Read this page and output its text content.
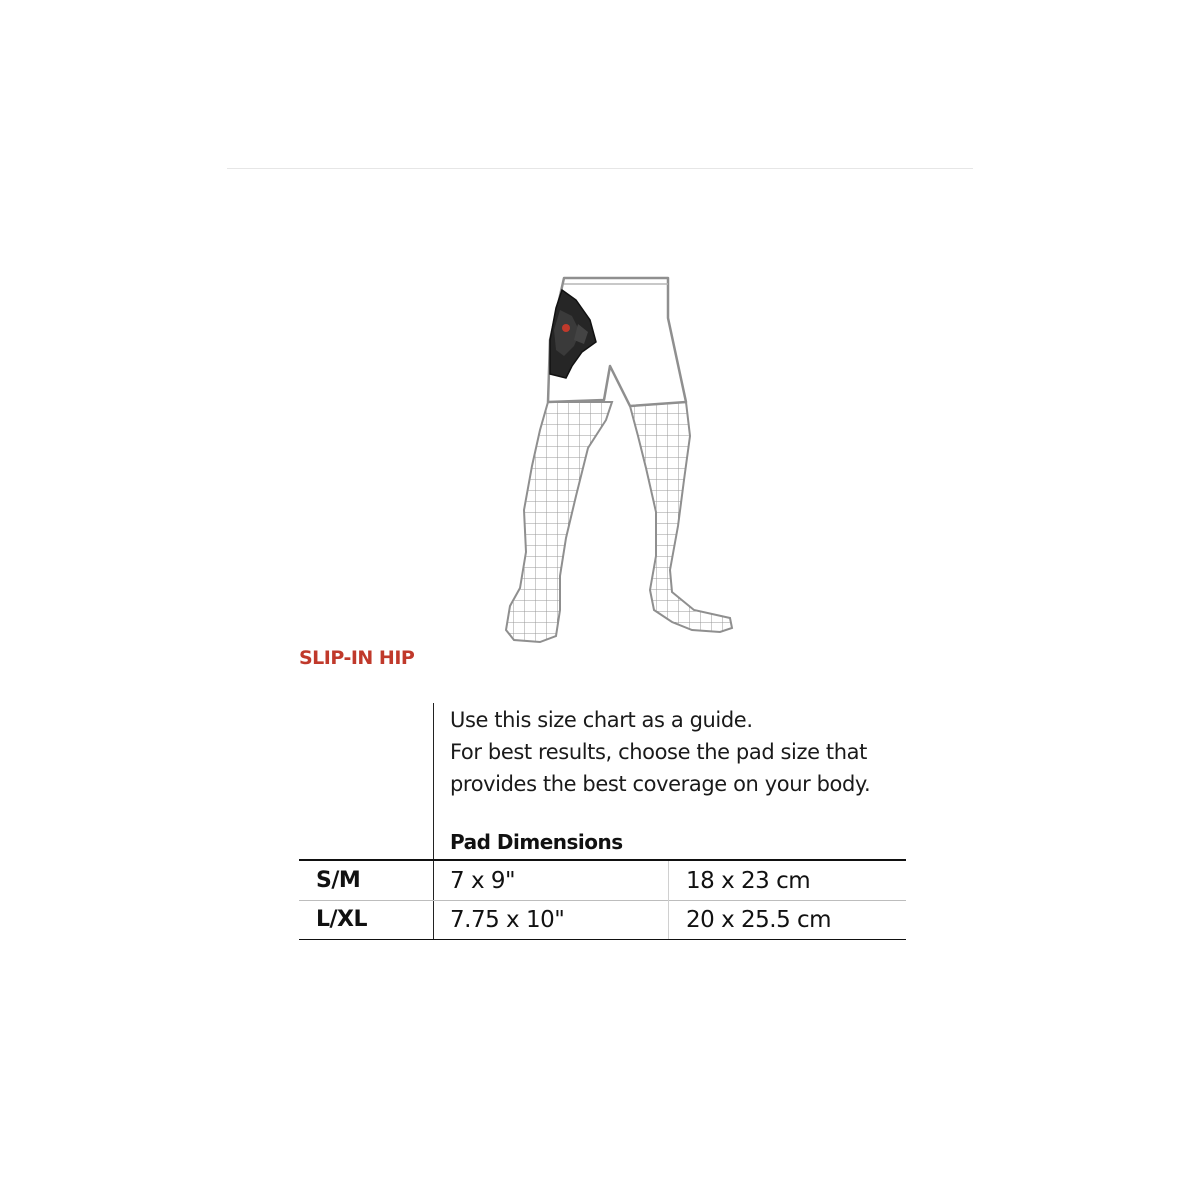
SLIP-IN HIP
Use this size chart as a guide.
For best results, choose the pad size that
provides the best coverage on your body.
Pad Dimensions
S/M	7 x 9"	18 x 23 cm
L/XL	7.75 x 10"	20 x 25.5 cm
